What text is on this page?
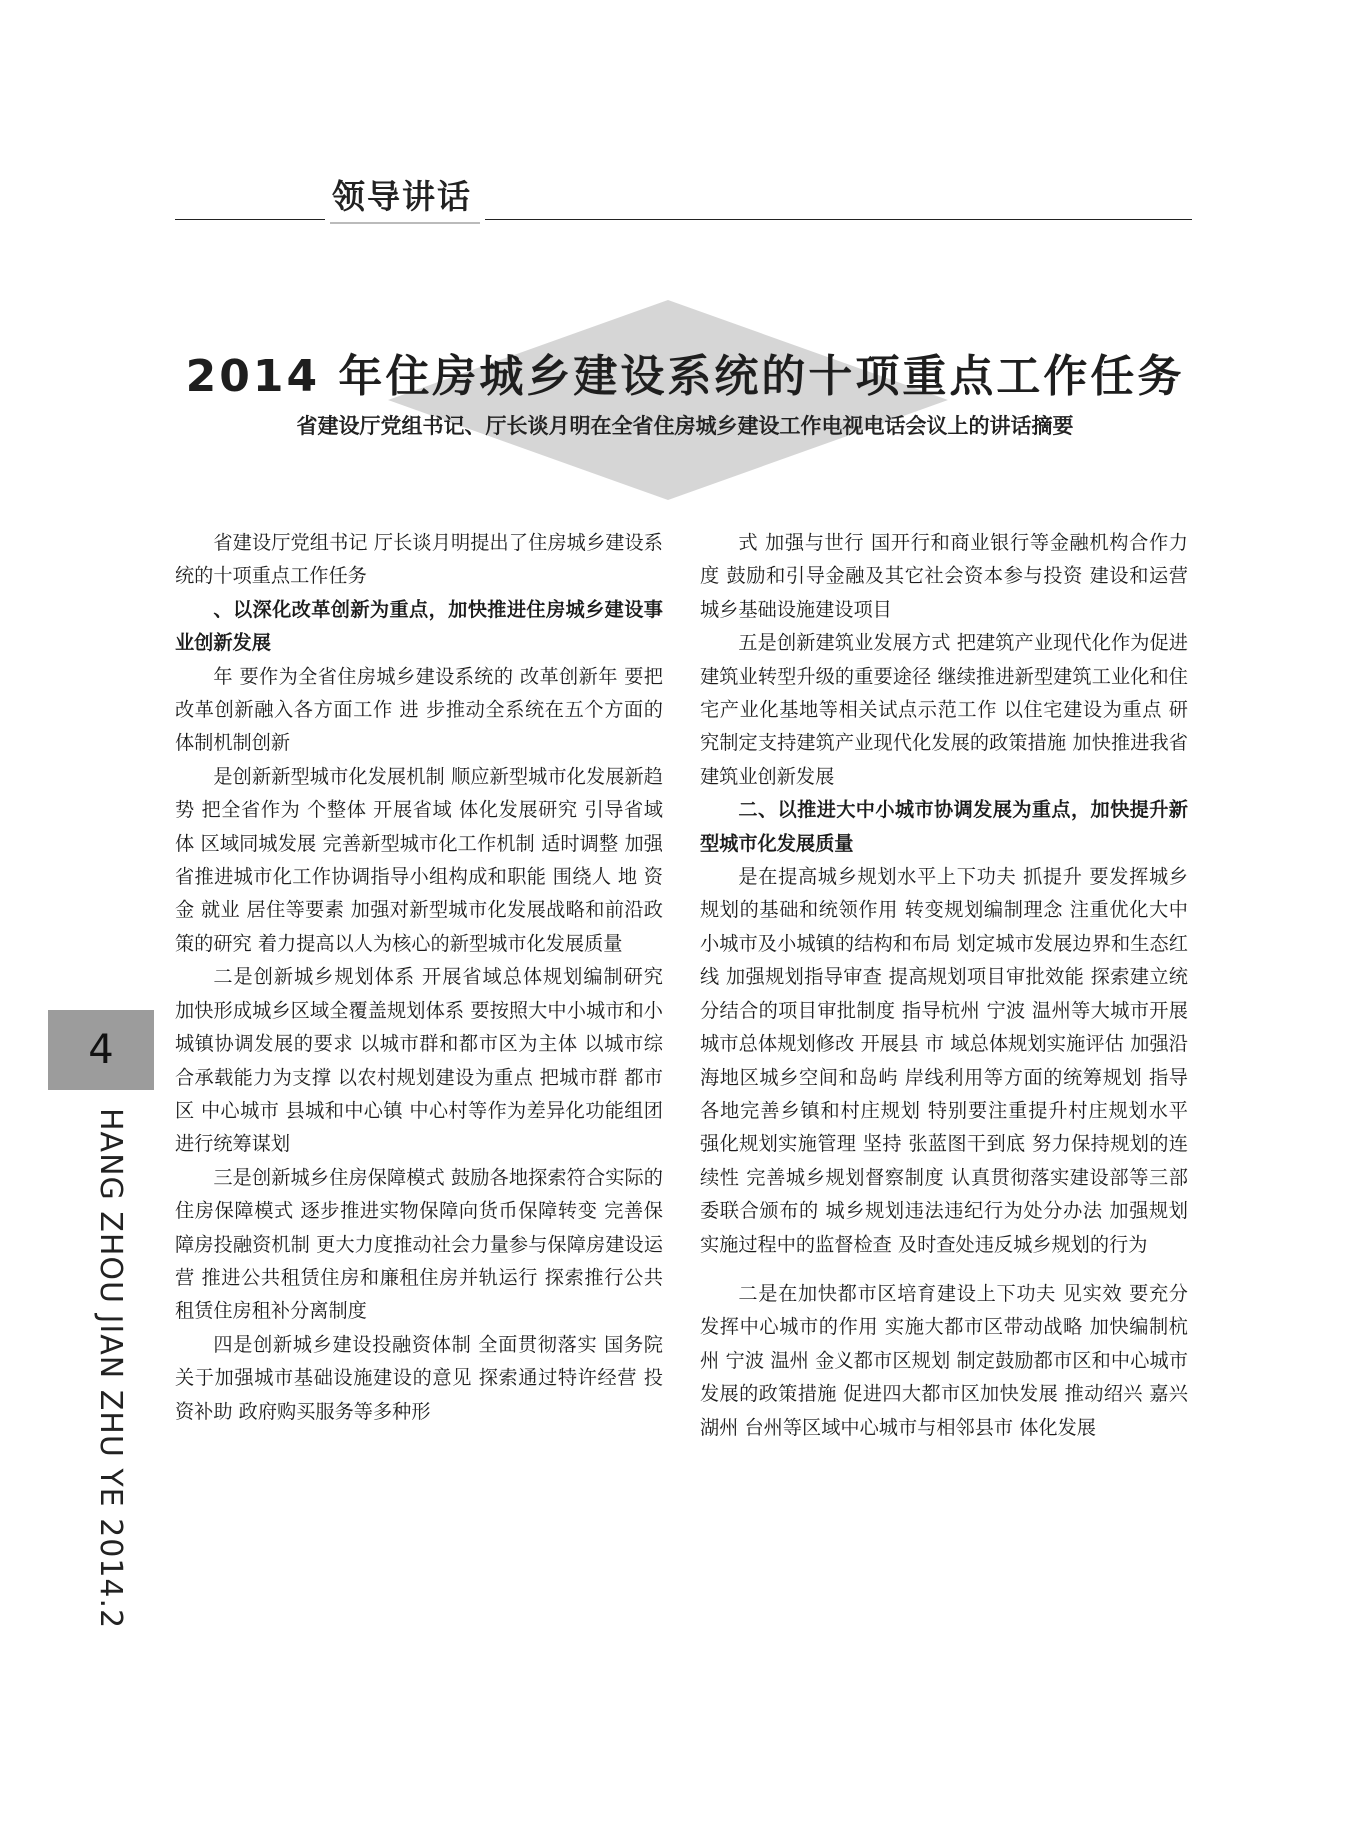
领导讲话
2014 年住房城乡建设系统的十项重点工作任务
省建设厅党组书记、厅长谈月明在全省住房城乡建设工作电视电话会议上的讲话摘要
4
HANG ZHOU JIAN ZHU YE 2014.2

省建设厅党组书记 厅长谈月明提出了住房城乡建设系统的十项重点工作任务

、以深化改革创新为重点，加快推进住房城乡建设事业创新发展

年 要作为全省住房城乡建设系统的 改革创新年 要把改革创新融入各方面工作 进 步推动全系统在五个方面的体制机制创新

是创新新型城市化发展机制 顺应新型城市化发展新趋势 把全省作为 个整体 开展省域 体化发展研究 引导省域 体 区域同城发展 完善新型城市化工作机制 适时调整 加强省推进城市化工作协调指导小组构成和职能 围绕人 地 资金 就业 居住等要素 加强对新型城市化发展战略和前沿政策的研究 着力提高以人为核心的新型城市化发展质量

二是创新城乡规划体系 开展省域总体规划编制研究 加快形成城乡区域全覆盖规划体系 要按照大中小城市和小城镇协调发展的要求 以城市群和都市区为主体 以城市综合承载能力为支撑 以农村规划建设为重点 把城市群 都市区 中心城市 县城和中心镇 中心村等作为差异化功能组团 进行统筹谋划

三是创新城乡住房保障模式 鼓励各地探索符合实际的住房保障模式 逐步推进实物保障向货币保障转变 完善保障房投融资机制 更大力度推动社会力量参与保障房建设运营 推进公共租赁住房和廉租住房并轨运行 探索推行公共租赁住房租补分离制度

四是创新城乡建设投融资体制 全面贯彻落实 国务院关于加强城市基础设施建设的意见 探索通过特许经营 投资补助 政府购买服务等多种形

式 加强与世行 国开行和商业银行等金融机构合作力度 鼓励和引导金融及其它社会资本参与投资 建设和运营城乡基础设施建设项目

五是创新建筑业发展方式 把建筑产业现代化作为促进建筑业转型升级的重要途径 继续推进新型建筑工业化和住宅产业化基地等相关试点示范工作 以住宅建设为重点 研究制定支持建筑产业现代化发展的政策措施 加快推进我省建筑业创新发展

二、以推进大中小城市协调发展为重点，加快提升新型城市化发展质量

是在提高城乡规划水平上下功夫 抓提升 要发挥城乡规划的基础和统领作用 转变规划编制理念 注重优化大中小城市及小城镇的结构和布局 划定城市发展边界和生态红线 加强规划指导审查 提高规划项目审批效能 探索建立统分结合的项目审批制度 指导杭州 宁波 温州等大城市开展城市总体规划修改 开展县 市 域总体规划实施评估 加强沿海地区城乡空间和岛屿 岸线利用等方面的统筹规划 指导各地完善乡镇和村庄规划 特别要注重提升村庄规划水平 强化规划实施管理 坚持 张蓝图干到底 努力保持规划的连续性 完善城乡规划督察制度 认真贯彻落实建设部等三部委联合颁布的 城乡规划违法违纪行为处分办法 加强规划实施过程中的监督检查 及时查处违反城乡规划的行为

二是在加快都市区培育建设上下功夫 见实效 要充分发挥中心城市的作用 实施大都市区带动战略 加快编制杭州 宁波 温州 金义都市区规划 制定鼓励都市区和中心城市发展的政策措施 促进四大都市区加快发展 推动绍兴 嘉兴 湖州 台州等区域中心城市与相邻县市 体化发展
